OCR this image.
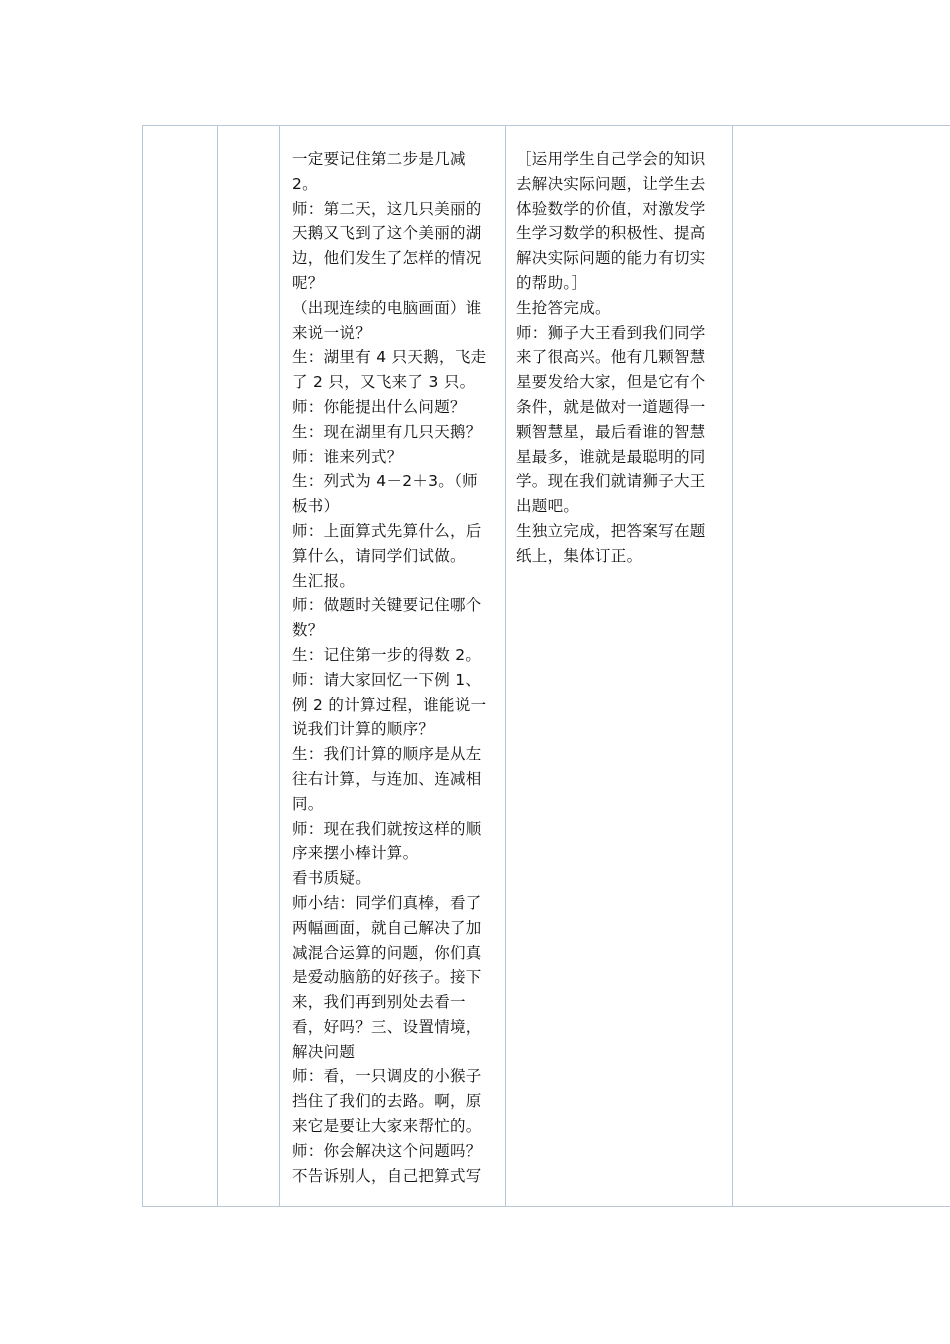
一定要记住第二步是几减
2。
师：第二天，这几只美丽的
天鹅又飞到了这个美丽的湖
边，他们发生了怎样的情况
呢？
（出现连续的电脑画面）谁
来说一说？
生：湖里有 4 只天鹅，飞走
了 2 只，又飞来了 3 只。
师：你能提出什么问题？
生：现在湖里有几只天鹅？
师：谁来列式？
生：列式为 4－2＋3。（师
板书）
师：上面算式先算什么，后
算什么，请同学们试做。
生汇报。
师：做题时关键要记住哪个
数？
生：记住第一步的得数 2。
师：请大家回忆一下例 1、
例 2 的计算过程，谁能说一
说我们计算的顺序？
生：我们计算的顺序是从左
往右计算，与连加、连减相
同。
师：现在我们就按这样的顺
序来摆小棒计算。
看书质疑。
师小结：同学们真棒，看了
两幅画面，就自己解决了加
减混合运算的问题，你们真
是爱动脑筋的好孩子。接下
来，我们再到别处去看一
看，好吗？三、设置情境，
解决问题
师：看，一只调皮的小猴子
挡住了我们的去路。啊，原
来它是要让大家来帮忙的。
师：你会解决这个问题吗？
不告诉别人，自己把算式写
［运用学生自己学会的知识
去解决实际问题，让学生去
体验数学的价值，对激发学
生学习数学的积极性、提高
解决实际问题的能力有切实
的帮助。］
生抢答完成。
师：狮子大王看到我们同学
来了很高兴。他有几颗智慧
星要发给大家，但是它有个
条件，就是做对一道题得一
颗智慧星，最后看谁的智慧
星最多，谁就是最聪明的同
学。现在我们就请狮子大王
出题吧。
生独立完成，把答案写在题
纸上，集体订正。
